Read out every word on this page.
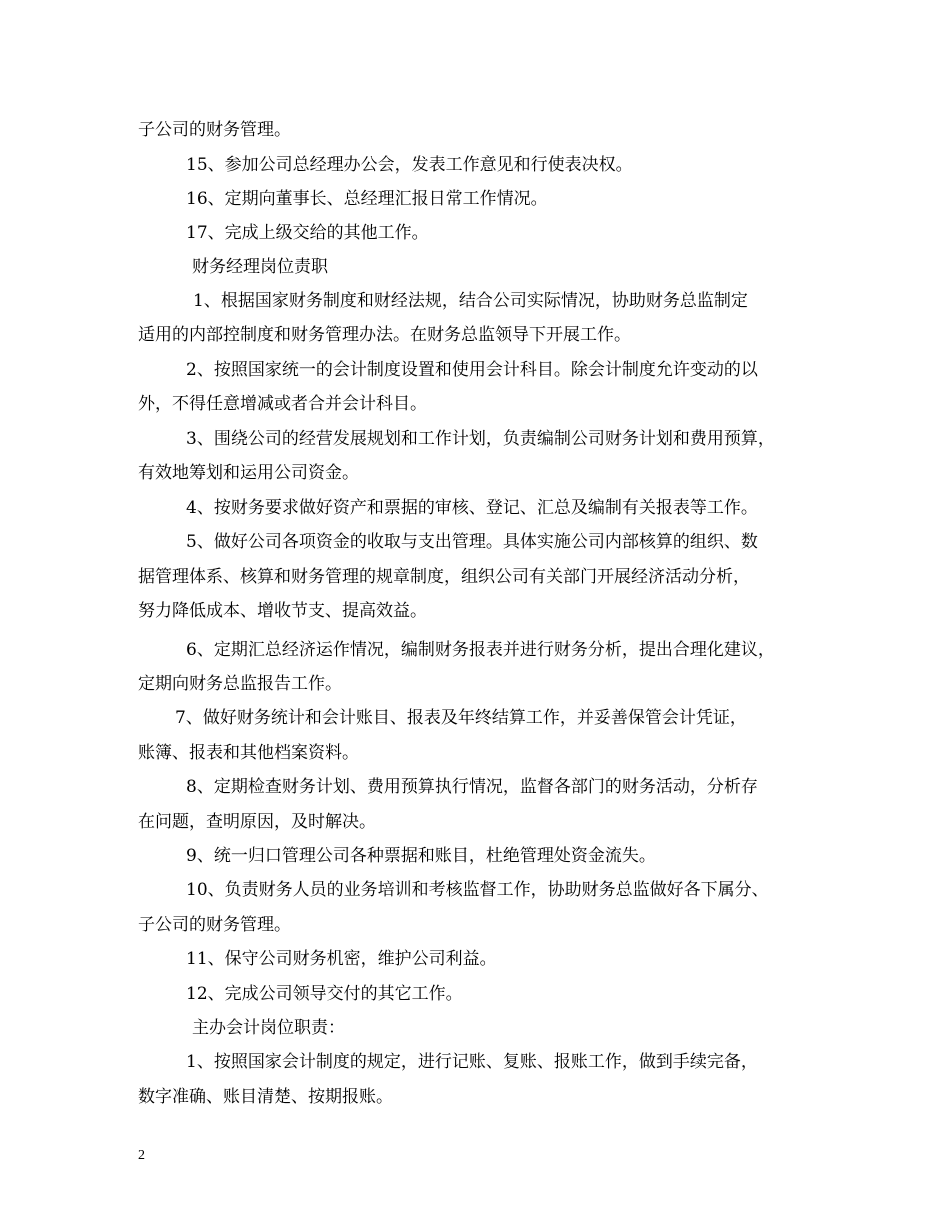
子公司的财务管理。
15、参加公司总经理办公会，发表工作意见和行使表决权。
16、定期向董事长、总经理汇报日常工作情况。
17、完成上级交给的其他工作。
财务经理岗位责职
1、根据国家财务制度和财经法规，结合公司实际情况，协助财务总监制定
适用的内部控制度和财务管理办法。在财务总监领导下开展工作。
2、按照国家统一的会计制度设置和使用会计科目。除会计制度允许变动的以
外，不得任意增减或者合并会计科目。
3、围绕公司的经营发展规划和工作计划，负责编制公司财务计划和费用预算，
有效地筹划和运用公司资金。
4、按财务要求做好资产和票据的审核、登记、汇总及编制有关报表等工作。
5、做好公司各项资金的收取与支出管理。具体实施公司内部核算的组织、数
据管理体系、核算和财务管理的规章制度，组织公司有关部门开展经济活动分析，
努力降低成本、增收节支、提高效益。
6、定期汇总经济运作情况，编制财务报表并进行财务分析，提出合理化建议，
定期向财务总监报告工作。
7、做好财务统计和会计账目、报表及年终结算工作，并妥善保管会计凭证，
账簿、报表和其他档案资料。
8、定期检查财务计划、费用预算执行情况，监督各部门的财务活动，分析存
在问题，查明原因，及时解决。
9、统一归口管理公司各种票据和账目，杜绝管理处资金流失。
10、负责财务人员的业务培训和考核监督工作，协助财务总监做好各下属分、
子公司的财务管理。
11、保守公司财务机密，维护公司利益。
12、完成公司领导交付的其它工作。
主办会计岗位职责：
1、按照国家会计制度的规定，进行记账、复账、报账工作，做到手续完备，
数字准确、账目清楚、按期报账。
2
